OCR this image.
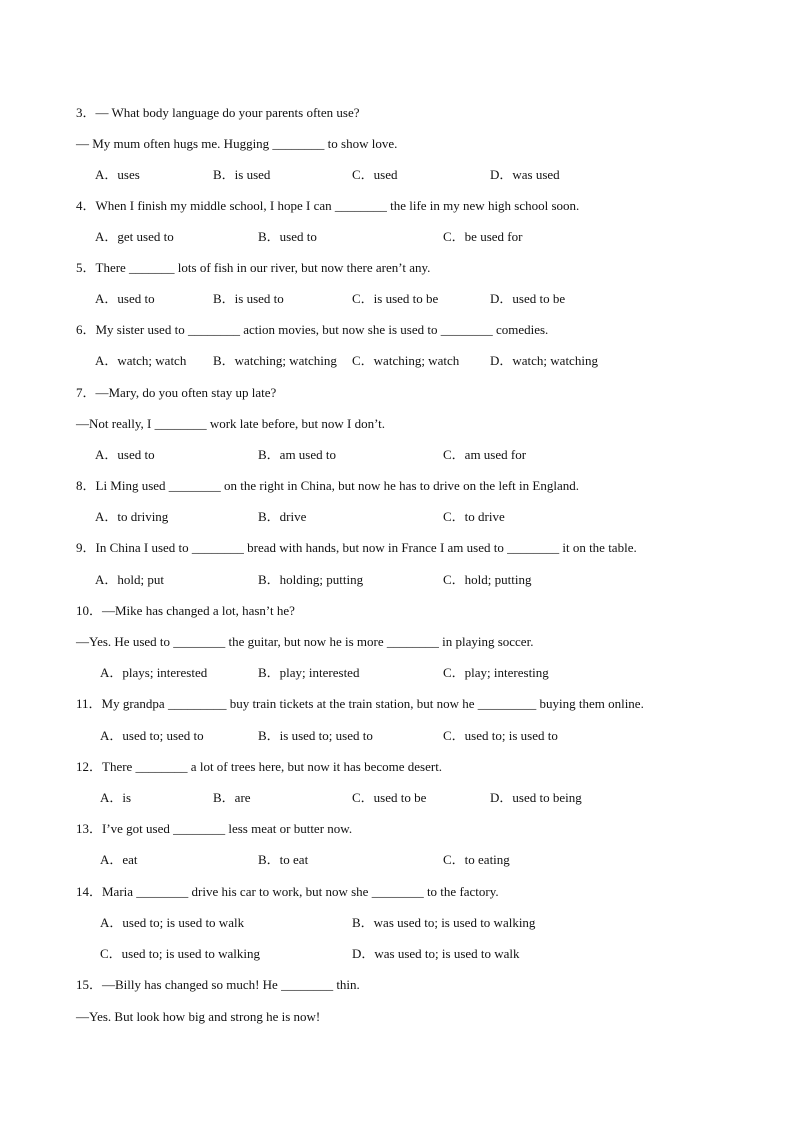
3．— What body language do your parents often use?
— My mum often hugs me. Hugging ________ to show love.
A．uses	B．is used	C．used	D．was used
4．When I finish my middle school, I hope I can ________ the life in my new high school soon.
A．get used to	B．used to	C．be used for
5．There _______ lots of fish in our river, but now there aren’t any.
A．used to	B．is used to	C．is used to be	D．used to be
6．My sister used to ________ action movies, but now she is used to ________ comedies.
A．watch; watch B．watching; watching C．watching; watch D．watch; watching
7．—Mary, do you often stay up late?
—Not really, I ________ work late before, but now I don’t.
A．used to	B．am used to	C．am used for
8．Li Ming used ________ on the right in China, but now he has to drive on the left in England.
A．to driving	B．drive	C．to drive
9．In China I used to ________ bread with hands, but now in France I am used to ________ it on the table.
A．hold; put	B．holding; putting	C．hold; putting
10．—Mike has changed a lot, hasn’t he?
—Yes. He used to ________ the guitar, but now he is more ________ in playing soccer.
A．plays; interested	B．play; interested	C．play; interesting
11．My grandpa _________ buy train tickets at the train station, but now he _________ buying them online.
A．used to; used to	B．is used to; used to	C．used to; is used to
12．There ________ a lot of trees here, but now it has become desert.
A．is	B．are	C．used to be	D．used to being
13．I’ve got used ________ less meat or butter now.
A．eat	B．to eat	C．to eating
14．Maria ________ drive his car to work, but now she ________ to the factory.
A．used to; is used to walk	B．was used to; is used to walking
C．used to; is used to walking	D．was used to; is used to walk
15．—Billy has changed so much! He ________ thin.
—Yes. But look how big and strong he is now!
